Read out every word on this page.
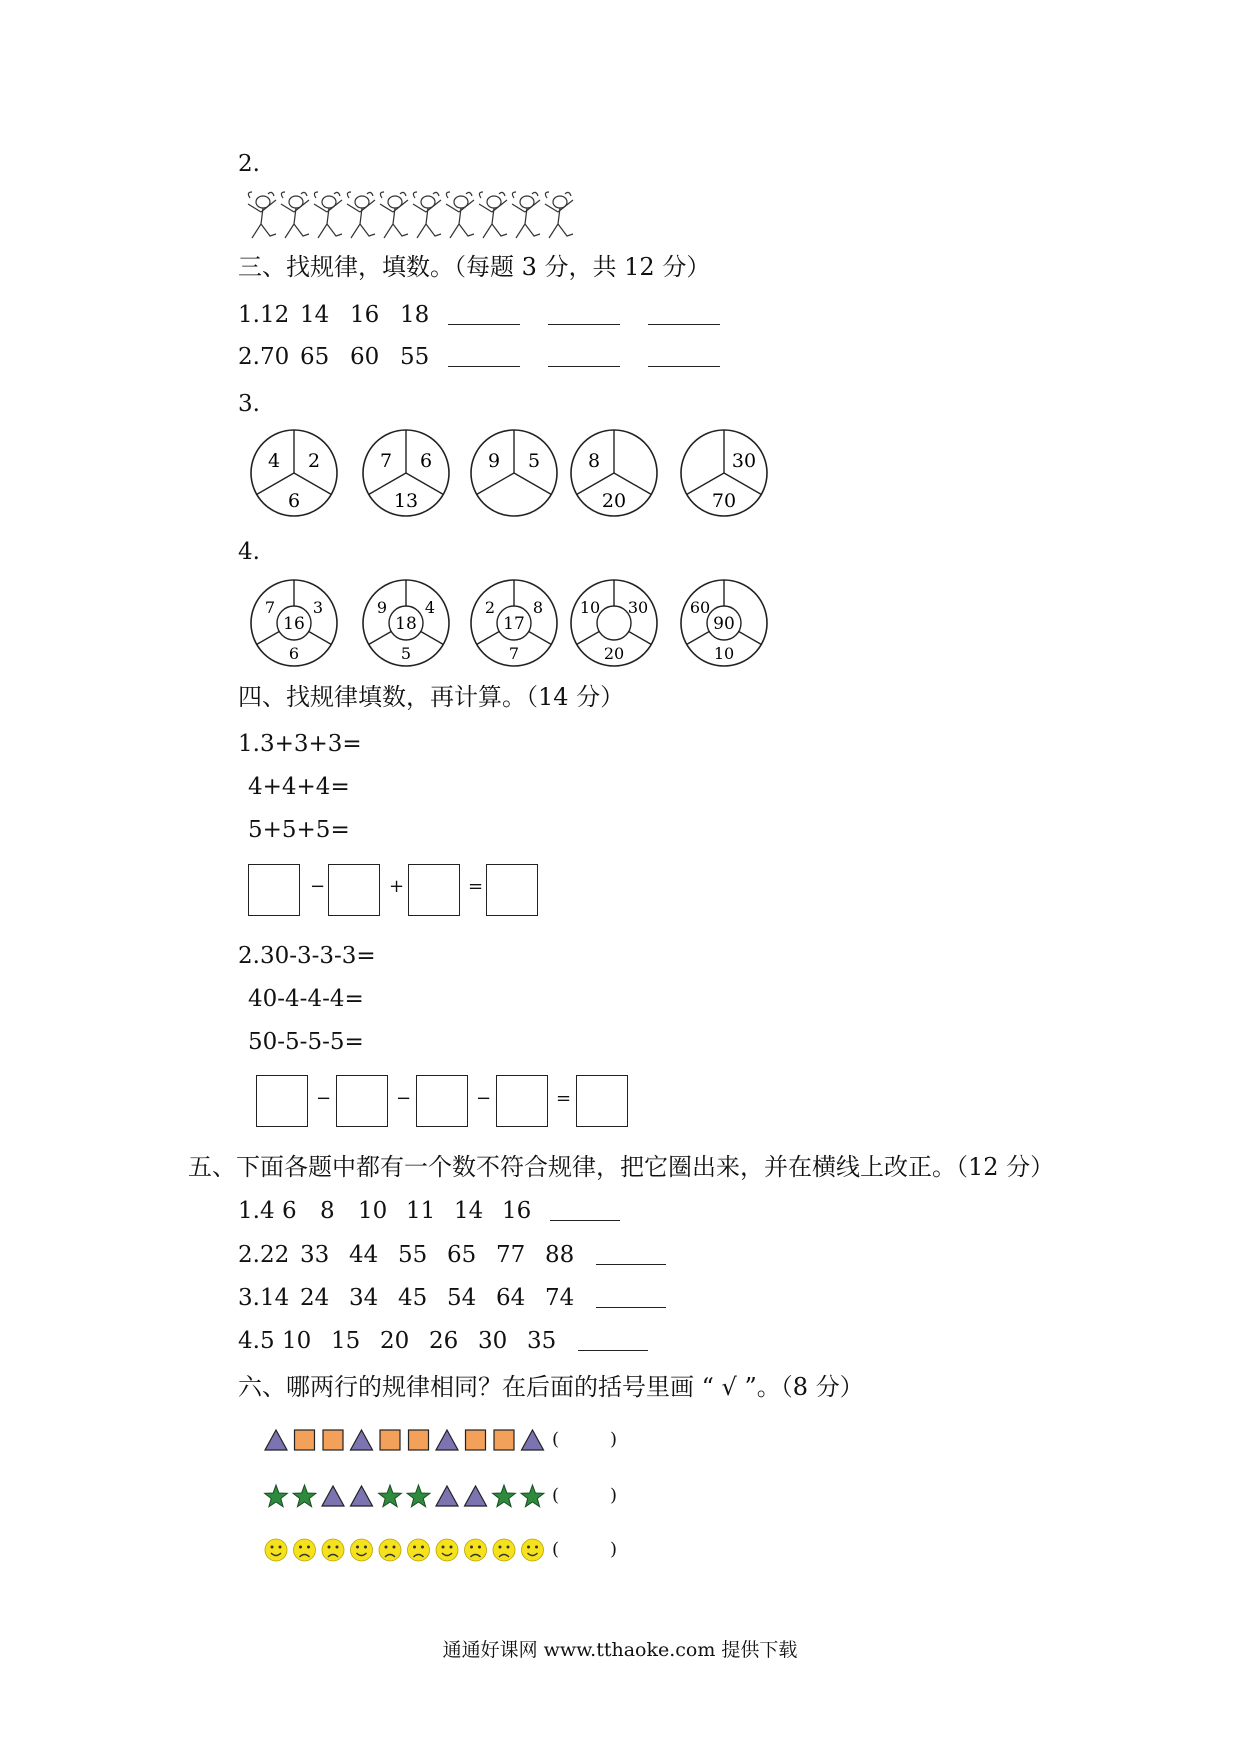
2.
三、找规律，填数。（每题 3 分，共 12 分）
1.12 14 16 18
2.70 65 60 55
3.
4 2
6
7 6
13
9 5	8
20
30
70
4.
7 3
16
6
9 4
18
5
2 8
17
7
10 30
20
60
90
10
四、找规律填数，再计算。（14 分）
1.3+3+3=
4+4+4=
5+5+5=
−	+	=
2.30-3-3-3=
40-4-4-4=
50-5-5-5=
−	−	−	=
五、下面各题中都有一个数不符合规律，把它圈出来，并在横线上改正。（12 分）
1.4 6	8	10 11 14 16
2.22 33 44 55 65 77 88
3.14 24 34 45 54 64 74
4.5 10 15 20 26 30 35
六、哪两行的规律相同？在后面的括号里画 “ √ ”。（8 分）
(	)
(	)
(	)
通通好课网 www.tthaoke.com 提供下载
